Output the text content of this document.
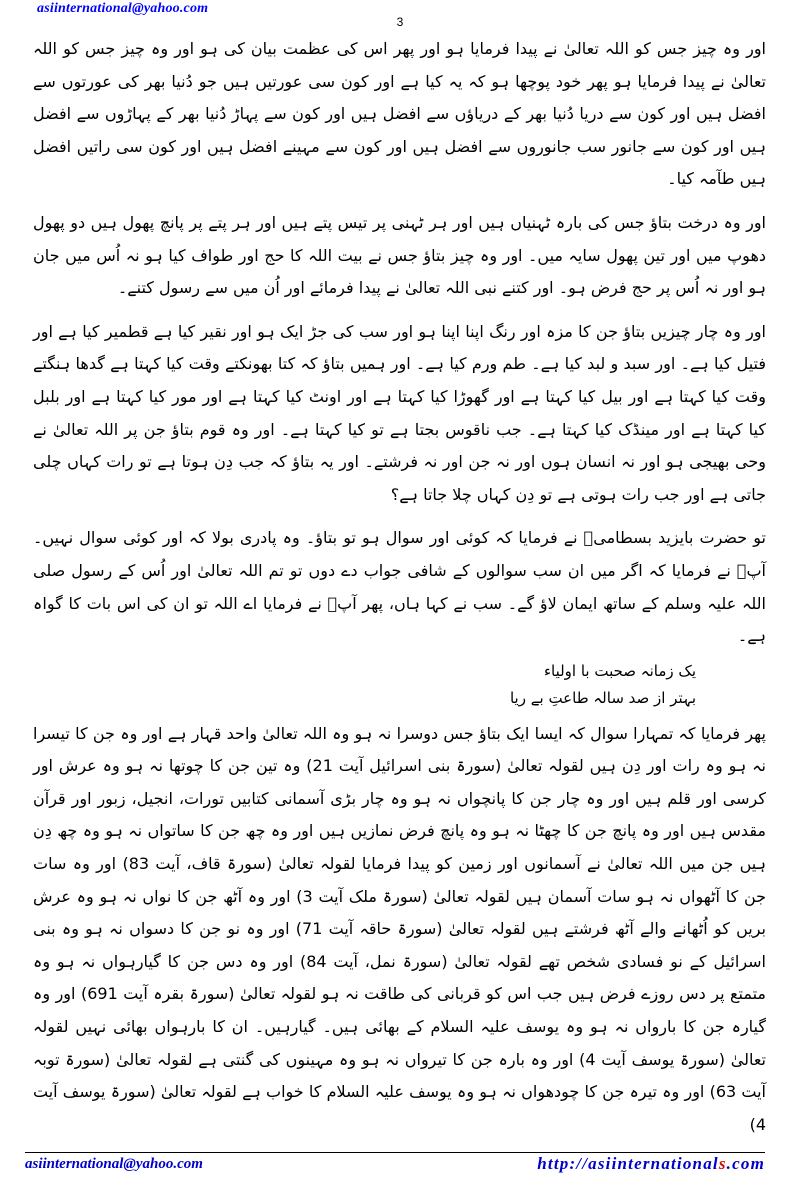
asiinternational@yahoo.com
3

اور وہ چیز جس کو اللہ تعالیٰ نے پیدا فرمایا ہو اور پھر اس کی عظمت بیان کی ہو اور وہ چیز جس کو اللہ تعالیٰ نے پیدا فرمایا ہو پھر خود پوچھا ہو کہ یہ کیا ہے اور کون سی عورتیں ہیں جو دُنیا بھر کی عورتوں سے افضل ہیں اور کون سے دریا دُنیا بھر کے دریاؤں سے افضل ہیں اور کون سے پہاڑ دُنیا بھر کے پہاڑوں سے افضل ہیں اور کون سے جانور سب جانوروں سے افضل ہیں اور کون سے مہینے افضل ہیں اور کون سی راتیں افضل ہیں طآمہ کیا۔

اور وہ درخت بتاؤ جس کی بارہ ٹہنیاں ہیں اور ہر ٹہنی پر تیس پتے ہیں اور ہر پتے پر پانچ پھول ہیں دو پھول دھوپ میں اور تین پھول سایہ میں۔ اور وہ چیز بتاؤ جس نے بیت اللہ کا حج اور طواف کیا ہو نہ اُس میں جان ہو اور نہ اُس پر حج فرض ہو۔ اور کتنے نبی اللہ تعالیٰ نے پیدا فرمائے اور اُن میں سے رسول کتنے۔

اور وہ چار چیزیں بتاؤ جن کا مزہ اور رنگ اپنا اپنا ہو اور سب کی جڑ ایک ہو اور نقیر کیا ہے قطمیر کیا ہے اور فتیل کیا ہے۔ اور سبد و لبد کیا ہے۔ طم ورم کیا ہے۔ اور ہمیں بتاؤ کہ کتا بھونکتے وقت کیا کہتا ہے گدھا ہنگتے وقت کیا کہتا ہے اور بیل کیا کہتا ہے اور گھوڑا کیا کہتا ہے اور اونٹ کیا کہتا ہے اور مور کیا کہتا ہے اور بلبل کیا کہتا ہے اور مینڈک کیا کہتا ہے۔ جب ناقوس بجتا ہے تو کیا کہتا ہے۔ اور وہ قوم بتاؤ جن پر اللہ تعالیٰ نے وحی بھیجی ہو اور نہ انسان ہوں اور نہ جن اور نہ فرشتے۔ اور یہ بتاؤ کہ جب دِن ہوتا ہے تو رات کہاں چلی جاتی ہے اور جب رات ہوتی ہے تو دِن کہاں چلا جاتا ہے؟

تو حضرت بایزید بسطامیؒ نے فرمایا کہ کوئی اور سوال ہو تو بتاؤ۔ وہ پادری بولا کہ اور کوئی سوال نہیں۔ آپؒ نے فرمایا کہ اگر میں ان سب سوالوں کے شافی جواب دے دوں تو تم اللہ تعالیٰ اور اُس کے رسول صلی اللہ علیہ وسلم کے ساتھ ایمان لاؤ گے۔ سب نے کہا ہاں، پھر آپؒ نے فرمایا اے اللہ تو ان کی اس بات کا گواہ ہے۔

یک زمانہ صحبت با اولیاء
بہتر از صد سالہ طاعتِ بے ریا

پھر فرمایا کہ تمہارا سوال کہ ایسا ایک بتاؤ جس دوسرا نہ ہو وہ اللہ تعالیٰ واحد قہار ہے اور وہ جن کا تیسرا نہ ہو وہ رات اور دِن ہیں لقولہ تعالیٰ (سورۃ بنی اسرائیل آیت 21) وہ تین جن کا چوتھا نہ ہو وہ عرش اور کرسی اور قلم ہیں اور وہ چار جن کا پانچواں نہ ہو وہ چار بڑی آسمانی کتابیں تورات، انجیل، زبور اور قرآن مقدس ہیں اور وہ پانچ جن کا چھٹا نہ ہو وہ پانچ فرض نمازیں ہیں اور وہ چھ جن کا ساتواں نہ ہو وہ چھ دِن ہیں جن میں اللہ تعالیٰ نے آسمانوں اور زمین کو پیدا فرمایا لقولہ تعالیٰ (سورۃ قاف، آیت 83) اور وہ سات جن کا آٹھواں نہ ہو سات آسمان ہیں لقولہ تعالیٰ (سورۃ ملک آیت 3) اور وہ آٹھ جن کا نواں نہ ہو وہ عرش بریں کو اُٹھانے والے آٹھ فرشتے ہیں لقولہ تعالیٰ (سورۃ حاقہ آیت 71) اور وہ نو جن کا دسواں نہ ہو وہ بنی اسرائیل کے نو فسادی شخص تھے لقولہ تعالیٰ (سورۃ نمل، آیت 84) اور وہ دس جن کا گیارہواں نہ ہو وہ متمتع پر دس روزے فرض ہیں جب اس کو قربانی کی طاقت نہ ہو لقولہ تعالیٰ (سورۃ بقرہ آیت 691) اور وہ گیارہ جن کا بارواں نہ ہو وہ یوسف علیہ السلام کے بھائی ہیں۔ گیارہیں۔ ان کا بارہواں بھائی نہیں لقولہ تعالیٰ (سورۃ یوسف آیت 4) اور وہ بارہ جن کا تیرواں نہ ہو وہ مہینوں کی گنتی ہے لقولہ تعالیٰ (سورۃ توبہ آیت 63) اور وہ تیرہ جن کا چودھواں نہ ہو وہ یوسف علیہ السلام کا خواب ہے لقولہ تعالیٰ (سورۃ یوسف آیت 4)

asiinternational@yahoo.com	http://asiinternationals.com
